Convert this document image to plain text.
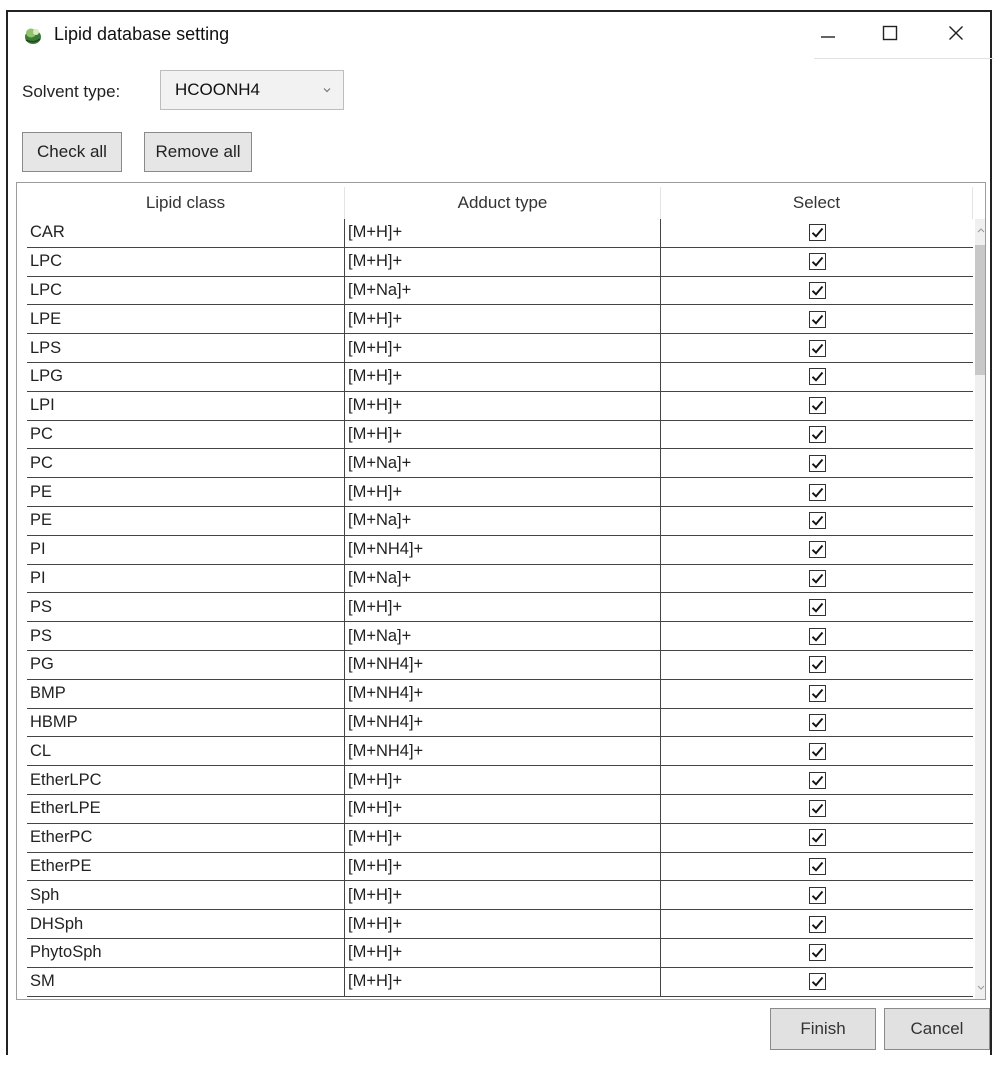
Lipid database setting
Solvent type:	HCOONH4
Check all	Remove all
Lipid class	Adduct type	Select
CAR	[M+H]+
LPC	[M+H]+
LPC	[M+Na]+
LPE	[M+H]+
LPS	[M+H]+
LPG	[M+H]+
LPI	[M+H]+
PC	[M+H]+
PC	[M+Na]+
PE	[M+H]+
PE	[M+Na]+
PI	[M+NH4]+
PI	[M+Na]+
PS	[M+H]+
PS	[M+Na]+
PG	[M+NH4]+
BMP	[M+NH4]+
HBMP	[M+NH4]+
CL	[M+NH4]+
EtherLPC	[M+H]+
EtherLPE	[M+H]+
EtherPC	[M+H]+
EtherPE	[M+H]+
Sph	[M+H]+
DHSph	[M+H]+
PhytoSph	[M+H]+
SM	[M+H]+
Finish	Cancel
